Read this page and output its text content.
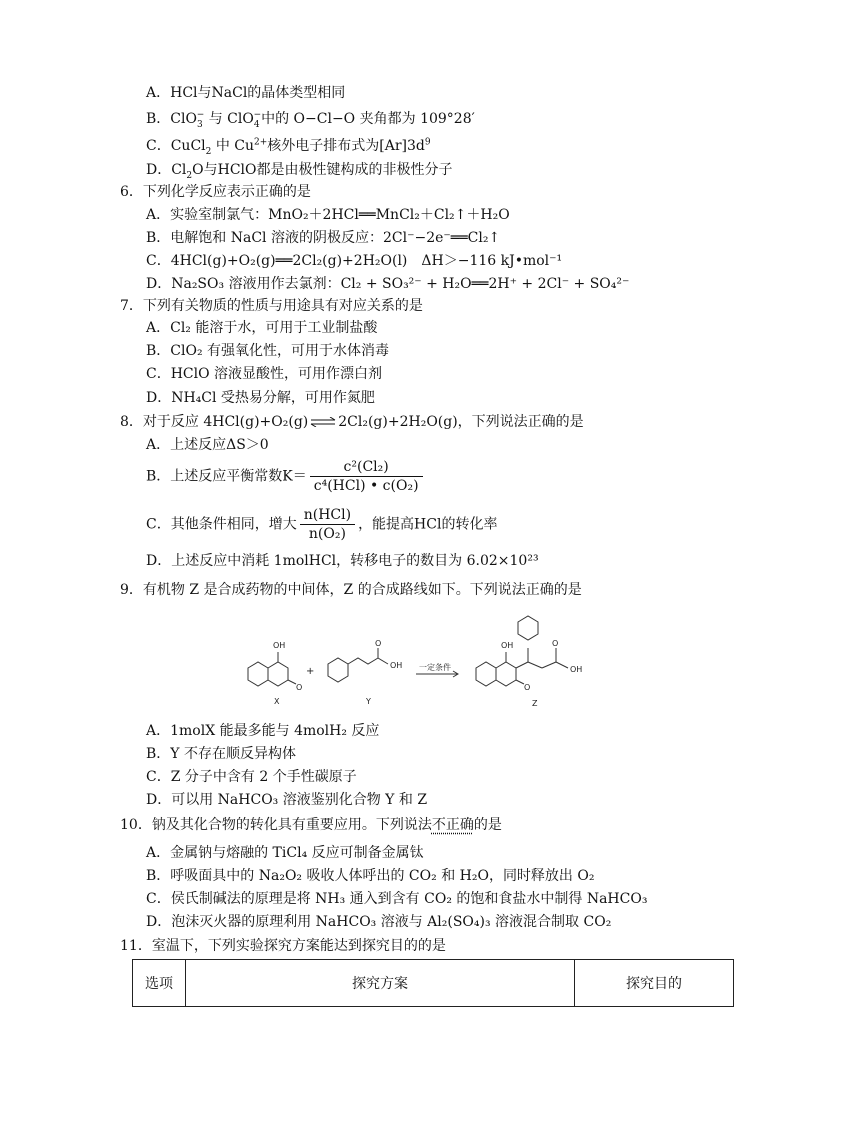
A．HCl与NaCl的晶体类型相同
B．ClO$_3$− 与 ClO$_4$−中的 O−Cl−O 夹角都为 109°28′
C．CuCl$_2$ 中 $Cu^{2+}$核外电子排布式为$[Ar]3d^9$
D．$Cl_2O$与HClO都是由极性键构成的非极性分子
6．下列化学反应表示正确的是
A．实验室制氯气：MnO₂＋2HCl══MnCl₂＋Cl₂↑＋H₂O
B．电解饱和 NaCl 溶液的阴极反应：2Cl⁻−2e⁻══Cl₂↑
C．4HCl(g)+O₂(g)══2Cl₂(g)+2H₂O(l)　ΔH＞−116 kJ•mol⁻¹
D．Na₂SO₃ 溶液用作去氯剂：Cl₂ + SO₃²⁻ + H₂O══2H⁺ + 2Cl⁻ + SO₄²⁻
7．下列有关物质的性质与用途具有对应关系的是
A．Cl₂ 能溶于水，可用于工业制盐酸
B．ClO₂ 有强氧化性，可用于水体消毒
C．HClO 溶液显酸性，可用作漂白剂
D．NH₄Cl 受热易分解，可用作氮肥
8．对于反应 4HCl(g)+O₂(g) ⇌ 2Cl₂(g)+2H₂O(g)，下列说法正确的是
A．上述反应ΔS＞0
B．上述反应平衡常数$K= \frac{\text{c²(Cl₂)}}{\text{c⁴(HCl) • c(O₂)}}$
C．其他条件相同，增大 $\frac{\text{n(HCl)}}{\text{n(O₂)}}$ ，能提高HCl的转化率
D．上述反应中消耗 1molHCl，转移电子的数目为 6.02×10²³
9．有机物 Z 是合成药物的中间体，Z 的合成路线如下。下列说法正确的是
OH
O
X
+
O
OH
Y
一定条件
OH
O
O
OH
Z
A．1molX 能最多能与 4molH₂ 反应
B．Y 不存在顺反异构体
C．Z 分子中含有 2 个手性碳原子
D．可以用 NaHCO₃ 溶液鉴别化合物 Y 和 Z
10．钠及其化合物的转化具有重要应用。下列说法不正确的是
A．金属钠与熔融的 TiCl₄ 反应可制备金属钛
B．呼吸面具中的 Na₂O₂ 吸收人体呼出的 CO₂ 和 H₂O，同时释放出 O₂
C．侯氏制碱法的原理是将 NH₃ 通入到含有 CO₂ 的饱和食盐水中制得 NaHCO₃
D．泡沫灭火器的原理利用 NaHCO₃ 溶液与 Al₂(SO₄)₃ 溶液混合制取 CO₂
11．室温下，下列实验探究方案能达到探究目的的是
选项	探究方案	探究目的
